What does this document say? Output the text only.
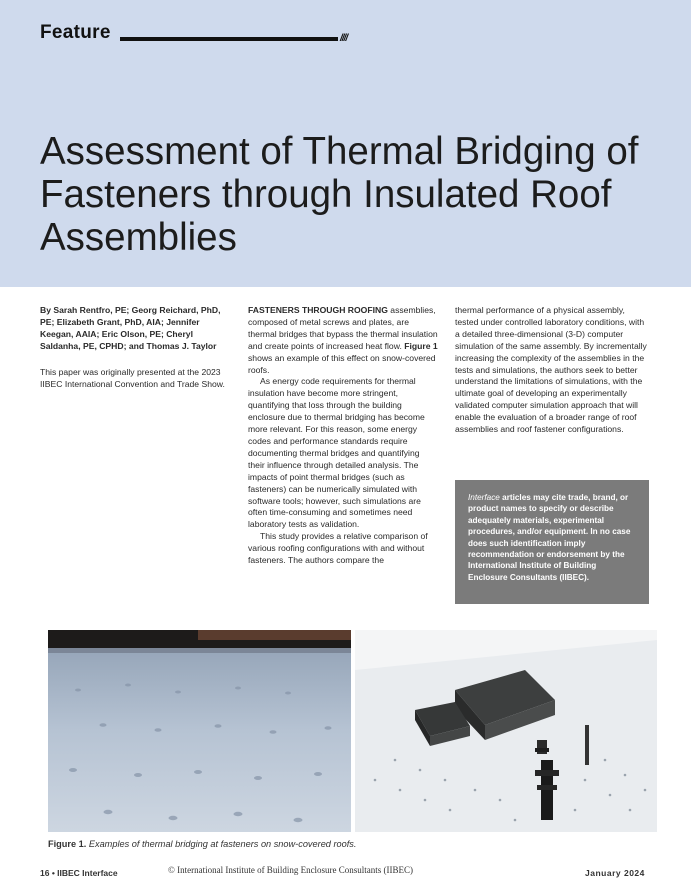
Feature	////
Assessment of Thermal Bridging of Fasteners through Insulated Roof Assemblies

By Sarah Rentfro, PE; Georg Reichard, PhD, PE; Elizabeth Grant, PhD, AIA; Jennifer Keegan, AAIA; Eric Olson, PE; Cheryl Saldanha, PE, CPHD; and Thomas J. Taylor

This paper was originally presented at the 2023 IIBEC International Convention and Trade Show.

FASTENERS THROUGH ROOFING assemblies, composed of metal screws and plates, are thermal bridges that bypass the thermal insulation and create points of increased heat flow. Figure 1 shows an example of this effect on snow-covered roofs.

As energy code requirements for thermal insulation have become more stringent, quantifying that loss through the building enclosure due to thermal bridging has become more relevant. For this reason, some energy codes and performance standards require documenting thermal bridges and quantifying their influence through detailed analysis. The impacts of point thermal bridges (such as fasteners) can be numerically simulated with software tools; however, such simulations are often time-consuming and sometimes need laboratory tests as validation.

This study provides a relative comparison of various roofing configurations with and without fasteners. The authors compare the

thermal performance of a physical assembly, tested under controlled laboratory conditions, with a detailed three-dimensional (3-D) computer simulation of the same assembly. By incrementally increasing the complexity of the assemblies in the tests and simulations, the authors seek to better understand the limitations of simulations, with the ultimate goal of developing an experimentally validated computer simulation approach that will enable the evaluation of a broader range of roof assemblies and roof fastener configurations.

Interface articles may cite trade, brand, or product names to specify or describe adequately materials, experimental procedures, and/or equipment. In no case does such identification imply recommendation or endorsement by the International Institute of Building Enclosure Consultants (IIBEC).
Figure 1. Examples of thermal bridging at fasteners on snow-covered roofs.
16 • IIBEC Interface	© International Institute of Building Enclosure Consultants (IIBEC)	January 2024
